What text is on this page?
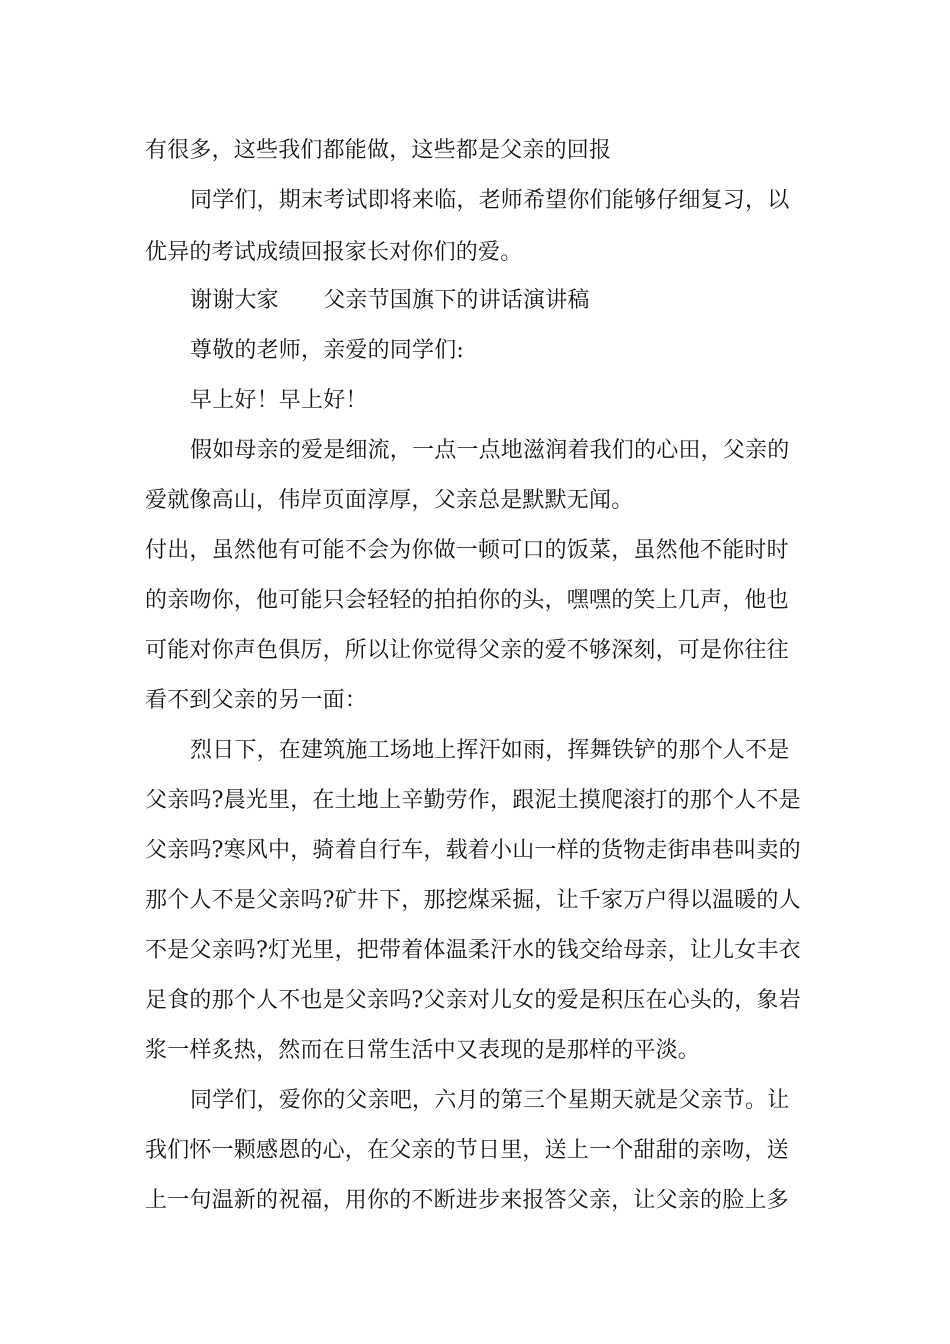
有很多，这些我们都能做，这些都是父亲的回报
同学们，期末考试即将来临，老师希望你们能够仔细复习，以
优异的考试成绩回报家长对你们的爱。
谢谢大家　　父亲节国旗下的讲话演讲稿
尊敬的老师，亲爱的同学们:
早上好！早上好！
假如母亲的爱是细流，一点一点地滋润着我们的心田，父亲的
爱就像高山，伟岸页面淳厚，父亲总是默默无闻。
付出，虽然他有可能不会为你做一顿可口的饭菜，虽然他不能时时
的亲吻你，他可能只会轻轻的拍拍你的头，嘿嘿的笑上几声，他也
可能对你声色俱厉，所以让你觉得父亲的爱不够深刻，可是你往往
看不到父亲的另一面：
烈日下，在建筑施工场地上挥汗如雨，挥舞铁铲的那个人不是
父亲吗?晨光里，在土地上辛勤劳作，跟泥土摸爬滚打的那个人不是
父亲吗?寒风中，骑着自行车，载着小山一样的货物走街串巷叫卖的
那个人不是父亲吗?矿井下，那挖煤采掘，让千家万户得以温暖的人
不是父亲吗?灯光里，把带着体温柔汗水的钱交给母亲，让儿女丰衣
足食的那个人不也是父亲吗?父亲对儿女的爱是积压在心头的，象岩
浆一样炙热，然而在日常生活中又表现的是那样的平淡。
同学们，爱你的父亲吧，六月的第三个星期天就是父亲节。让
我们怀一颗感恩的心，在父亲的节日里，送上一个甜甜的亲吻，送
上一句温新的祝福，用你的不断进步来报答父亲，让父亲的脸上多
